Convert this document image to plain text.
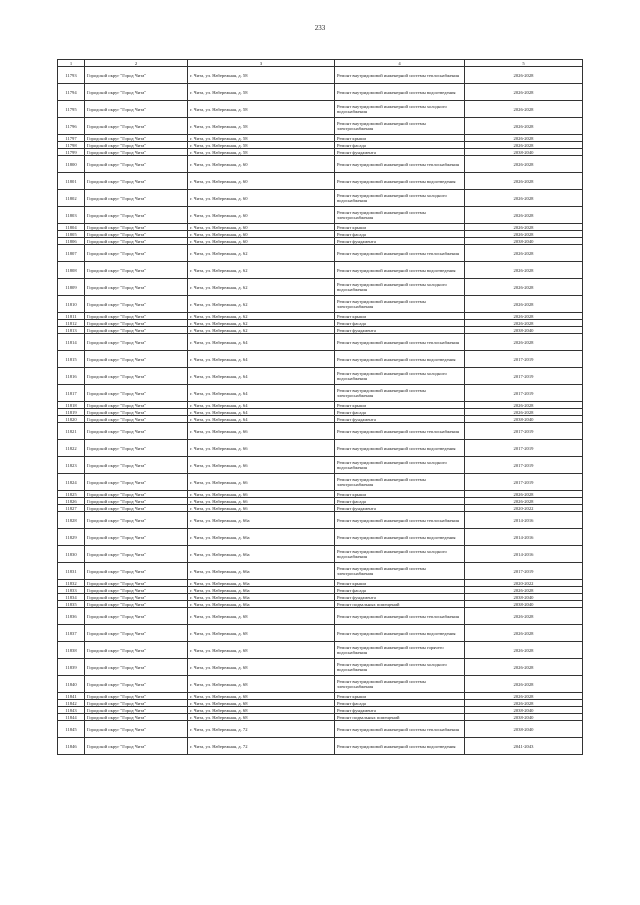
233
1	2	3	4	5
11793	Городской округ "Город Чита"	г. Чита, ул. Набережная, д. 58	Ремонт внутридомовой инженерной системы теплоснабжения	2026-2028
11794	Городской округ "Город Чита"	г. Чита, ул. Набережная, д. 58	Ремонт внутридомовой инженерной системы водоотведения	2026-2028
11795	Городской округ "Город Чита"	г. Чита, ул. Набережная, д. 58	Ремонт внутридомовой инженерной системы холодного водоснабжения	2026-2028
11796	Городской округ "Город Чита"	г. Чита, ул. Набережная, д. 58	Ремонт внутридомовой инженерной системы электроснабжения	2026-2028
11797	Городской округ "Город Чита"	г. Чита, ул. Набережная, д. 58	Ремонт крыши	2026-2028
11798	Городской округ "Город Чита"	г. Чита, ул. Набережная, д. 58	Ремонт фасада	2026-2028
11799	Городской округ "Город Чита"	г. Чита, ул. Набережная, д. 58	Ремонт фундамента	2038-2040
11800	Городской округ "Город Чита"	г. Чита, ул. Набережная, д. 60	Ремонт внутридомовой инженерной системы теплоснабжения	2026-2028
11801	Городской округ "Город Чита"	г. Чита, ул. Набережная, д. 60	Ремонт внутридомовой инженерной системы водоотведения	2026-2028
11802	Городской округ "Город Чита"	г. Чита, ул. Набережная, д. 60	Ремонт внутридомовой инженерной системы холодного водоснабжения	2026-2028
11803	Городской округ "Город Чита"	г. Чита, ул. Набережная, д. 60	Ремонт внутридомовой инженерной системы электроснабжения	2026-2028
11804	Городской округ "Город Чита"	г. Чита, ул. Набережная, д. 60	Ремонт крыши	2026-2028
11805	Городской округ "Город Чита"	г. Чита, ул. Набережная, д. 60	Ремонт фасада	2026-2028
11806	Городской округ "Город Чита"	г. Чита, ул. Набережная, д. 60	Ремонт фундамента	2038-2040
11807	Городской округ "Город Чита"	г. Чита, ул. Набережная, д. 62	Ремонт внутридомовой инженерной системы теплоснабжения	2026-2028
11808	Городской округ "Город Чита"	г. Чита, ул. Набережная, д. 62	Ремонт внутридомовой инженерной системы водоотведения	2026-2028
11809	Городской округ "Город Чита"	г. Чита, ул. Набережная, д. 62	Ремонт внутридомовой инженерной системы холодного водоснабжения	2026-2028
11810	Городской округ "Город Чита"	г. Чита, ул. Набережная, д. 62	Ремонт внутридомовой инженерной системы электроснабжения	2026-2028
11811	Городской округ "Город Чита"	г. Чита, ул. Набережная, д. 62	Ремонт крыши	2026-2028
11812	Городской округ "Город Чита"	г. Чита, ул. Набережная, д. 62	Ремонт фасада	2026-2028
11813	Городской округ "Город Чита"	г. Чита, ул. Набережная, д. 62	Ремонт фундамента	2038-2040
11814	Городской округ "Город Чита"	г. Чита, ул. Набережная, д. 64	Ремонт внутридомовой инженерной системы теплоснабжения	2026-2028
11815	Городской округ "Город Чита"	г. Чита, ул. Набережная, д. 64	Ремонт внутридомовой инженерной системы водоотведения	2017-2019
11816	Городской округ "Город Чита"	г. Чита, ул. Набережная, д. 64	Ремонт внутридомовой инженерной системы холодного водоснабжения	2017-2019
11817	Городской округ "Город Чита"	г. Чита, ул. Набережная, д. 64	Ремонт внутридомовой инженерной системы электроснабжения	2017-2019
11818	Городской округ "Город Чита"	г. Чита, ул. Набережная, д. 64	Ремонт крыши	2026-2028
11819	Городской округ "Город Чита"	г. Чита, ул. Набережная, д. 64	Ремонт фасада	2026-2028
11820	Городской округ "Город Чита"	г. Чита, ул. Набережная, д. 64	Ремонт фундамента	2038-2040
11821	Городской округ "Город Чита"	г. Чита, ул. Набережная, д. 66	Ремонт внутридомовой инженерной системы теплоснабжения	2017-2019
11822	Городской округ "Город Чита"	г. Чита, ул. Набережная, д. 66	Ремонт внутридомовой инженерной системы водоотведения	2017-2019
11823	Городской округ "Город Чита"	г. Чита, ул. Набережная, д. 66	Ремонт внутридомовой инженерной системы холодного водоснабжения	2017-2019
11824	Городской округ "Город Чита"	г. Чита, ул. Набережная, д. 66	Ремонт внутридомовой инженерной системы электроснабжения	2017-2019
11825	Городской округ "Город Чита"	г. Чита, ул. Набережная, д. 66	Ремонт крыши	2026-2028
11826	Городской округ "Город Чита"	г. Чита, ул. Набережная, д. 66	Ремонт фасада	2026-2028
11827	Городской округ "Город Чита"	г. Чита, ул. Набережная, д. 66	Ремонт фундамента	2020-2022
11828	Городской округ "Город Чита"	г. Чита, ул. Набережная, д. 66а	Ремонт внутридомовой инженерной системы теплоснабжения	2014-2016
11829	Городской округ "Город Чита"	г. Чита, ул. Набережная, д. 66а	Ремонт внутридомовой инженерной системы водоотведения	2014-2016
11830	Городской округ "Город Чита"	г. Чита, ул. Набережная, д. 66а	Ремонт внутридомовой инженерной системы холодного водоснабжения	2014-2016
11831	Городской округ "Город Чита"	г. Чита, ул. Набережная, д. 66а	Ремонт внутридомовой инженерной системы электроснабжения	2017-2019
11832	Городской округ "Город Чита"	г. Чита, ул. Набережная, д. 66а	Ремонт крыши	2020-2022
11833	Городской округ "Город Чита"	г. Чита, ул. Набережная, д. 66а	Ремонт фасада	2026-2028
11834	Городской округ "Город Чита"	г. Чита, ул. Набережная, д. 66а	Ремонт фундамента	2038-2040
11835	Городской округ "Город Чита"	г. Чита, ул. Набережная, д. 66а	Ремонт подвальных помещений	2038-2040
11836	Городской округ "Город Чита"	г. Чита, ул. Набережная, д. 68	Ремонт внутридомовой инженерной системы теплоснабжения	2026-2028
11837	Городской округ "Город Чита"	г. Чита, ул. Набережная, д. 68	Ремонт внутридомовой инженерной системы водоотведения	2026-2028
11838	Городской округ "Город Чита"	г. Чита, ул. Набережная, д. 68	Ремонт внутридомовой инженерной системы горячего водоснабжения	2026-2028
11839	Городской округ "Город Чита"	г. Чита, ул. Набережная, д. 68	Ремонт внутридомовой инженерной системы холодного водоснабжения	2026-2028
11840	Городской округ "Город Чита"	г. Чита, ул. Набережная, д. 68	Ремонт внутридомовой инженерной системы электроснабжения	2026-2028
11841	Городской округ "Город Чита"	г. Чита, ул. Набережная, д. 68	Ремонт крыши	2026-2028
11842	Городской округ "Город Чита"	г. Чита, ул. Набережная, д. 68	Ремонт фасада	2026-2028
11843	Городской округ "Город Чита"	г. Чита, ул. Набережная, д. 68	Ремонт фундамента	2038-2040
11844	Городской округ "Город Чита"	г. Чита, ул. Набережная, д. 68	Ремонт подвальных помещений	2038-2040
11845	Городской округ "Город Чита"	г. Чита, ул. Набережная, д. 72	Ремонт внутридомовой инженерной системы теплоснабжения	2038-2040
11846	Городской округ "Город Чита"	г. Чита, ул. Набережная, д. 72	Ремонт внутридомовой инженерной системы водоотведения	2041-2043
